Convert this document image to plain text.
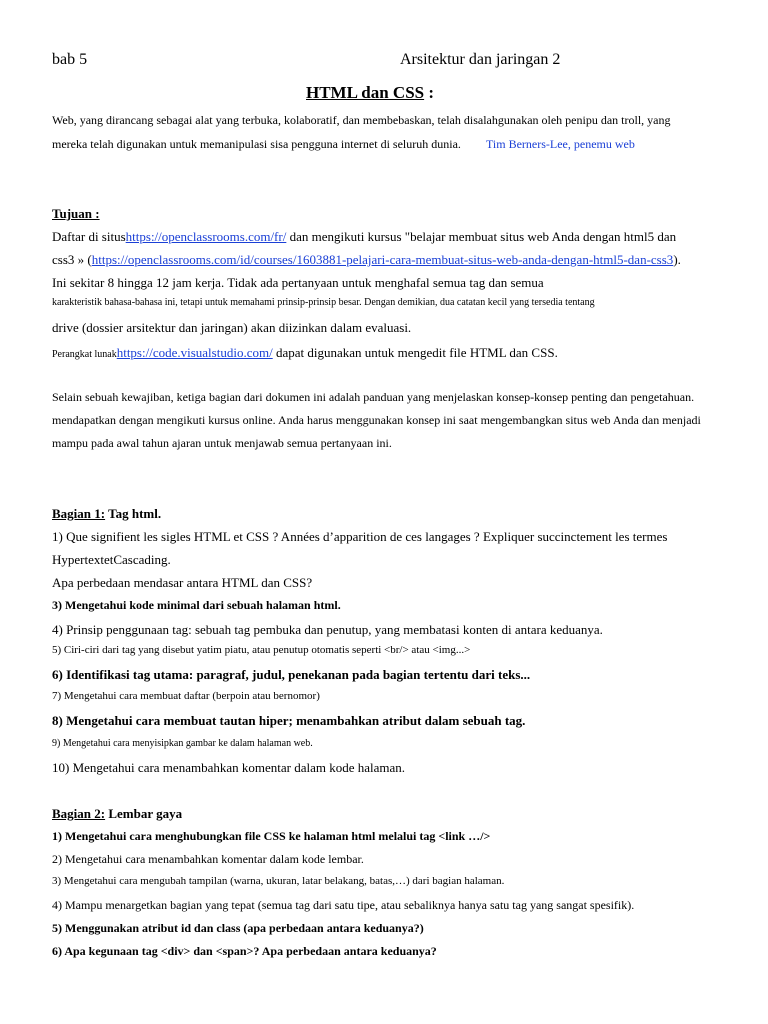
bab 5	Arsitektur dan jaringan 2
HTML dan CSS :
Web, yang dirancang sebagai alat yang terbuka, kolaboratif, dan membebaskan, telah disalahgunakan oleh penipu dan troll, yang
mereka telah digunakan untuk memanipulasi sisa pengguna internet di seluruh dunia. Tim Berners-Lee, penemu web
Tujuan :
Daftar di situshttps://openclassrooms.com/fr/ dan mengikuti kursus "belajar membuat situs web Anda dengan html5 dan
css3 » (https://openclassrooms.com/id/courses/1603881-pelajari-cara-membuat-situs-web-anda-dengan-html5-dan-css3).
Ini sekitar 8 hingga 12 jam kerja. Tidak ada pertanyaan untuk menghafal semua tag dan semua
karakteristik bahasa-bahasa ini, tetapi untuk memahami prinsip-prinsip besar. Dengan demikian, dua catatan kecil yang tersedia tentang
drive (dossier arsitektur dan jaringan) akan diizinkan dalam evaluasi.
Perangkat lunakhttps://code.visualstudio.com/ dapat digunakan untuk mengedit file HTML dan CSS.
Selain sebuah kewajiban, ketiga bagian dari dokumen ini adalah panduan yang menjelaskan konsep-konsep penting dan pengetahuan.
mendapatkan dengan mengikuti kursus online. Anda harus menggunakan konsep ini saat mengembangkan situs web Anda dan menjadi
mampu pada awal tahun ajaran untuk menjawab semua pertanyaan ini.
Bagian 1: Tag html.
1) Que signifient les sigles HTML et CSS ? Années d’apparition de ces langages ? Expliquer succinctement les termes
HypertextetCascading.
Apa perbedaan mendasar antara HTML dan CSS?
3) Mengetahui kode minimal dari sebuah halaman html.
4) Prinsip penggunaan tag: sebuah tag pembuka dan penutup, yang membatasi konten di antara keduanya.
5) Ciri-ciri dari tag yang disebut yatim piatu, atau penutup otomatis seperti <br/> atau <img...>
6) Identifikasi tag utama: paragraf, judul, penekanan pada bagian tertentu dari teks...
7) Mengetahui cara membuat daftar (berpoin atau bernomor)
8) Mengetahui cara membuat tautan hiper; menambahkan atribut dalam sebuah tag.
9) Mengetahui cara menyisipkan gambar ke dalam halaman web.
10) Mengetahui cara menambahkan komentar dalam kode halaman.
Bagian 2: Lembar gaya
1) Mengetahui cara menghubungkan file CSS ke halaman html melalui tag <link …/>
2) Mengetahui cara menambahkan komentar dalam kode lembar.
3) Mengetahui cara mengubah tampilan (warna, ukuran, latar belakang, batas,…) dari bagian halaman.
4) Mampu menargetkan bagian yang tepat (semua tag dari satu tipe, atau sebaliknya hanya satu tag yang sangat spesifik).
5) Menggunakan atribut id dan class (apa perbedaan antara keduanya?)
6) Apa kegunaan tag <div> dan <span>? Apa perbedaan antara keduanya?
